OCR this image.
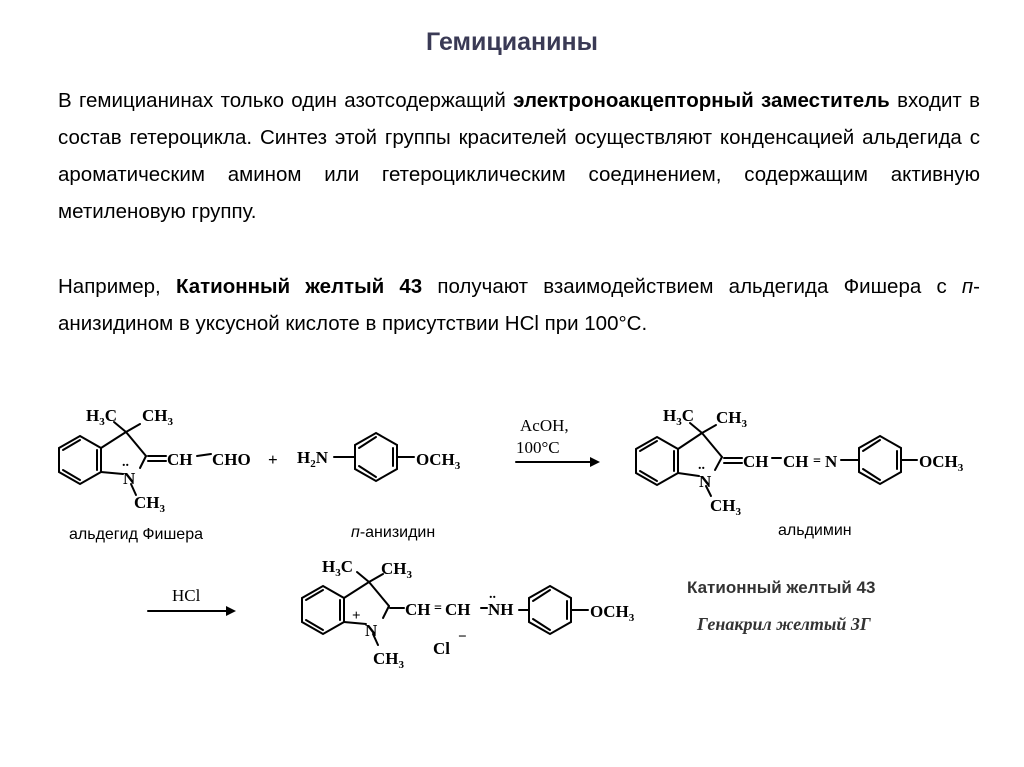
Гемицианины
В гемицианинах только один азотсодержащий электроноакцепторный заместитель входит в состав гетероцикла. Синтез этой группы красителей осуществляют конденсацией альдегида с ароматическим амином или гетероциклическим соединением, содержащим активную метиленовую группу.
Например, Катионный желтый 43 получают взаимодействием альдегида Фишера с п-анизидином в уксусной кислоте в присутствии HCl при 100°C.
$H_3C$ $CH_3$
N
..
$CH_3$
CH CHO + $H_2N$	$OCH_3$
$H_3C$ $CH_3$
N
..
$CH_3$
CH CH = N	$OCH_3$
$H_3C$ $CH_3$
+
N
$CH_3$
CH = CH NH
..
$OCH_3$
Cl
−
AcOH,
100°C
HCl
альдегид Фишера	п-анизидин	альдимин
Катионный желтый 43
Генакрил желтый 3Г
